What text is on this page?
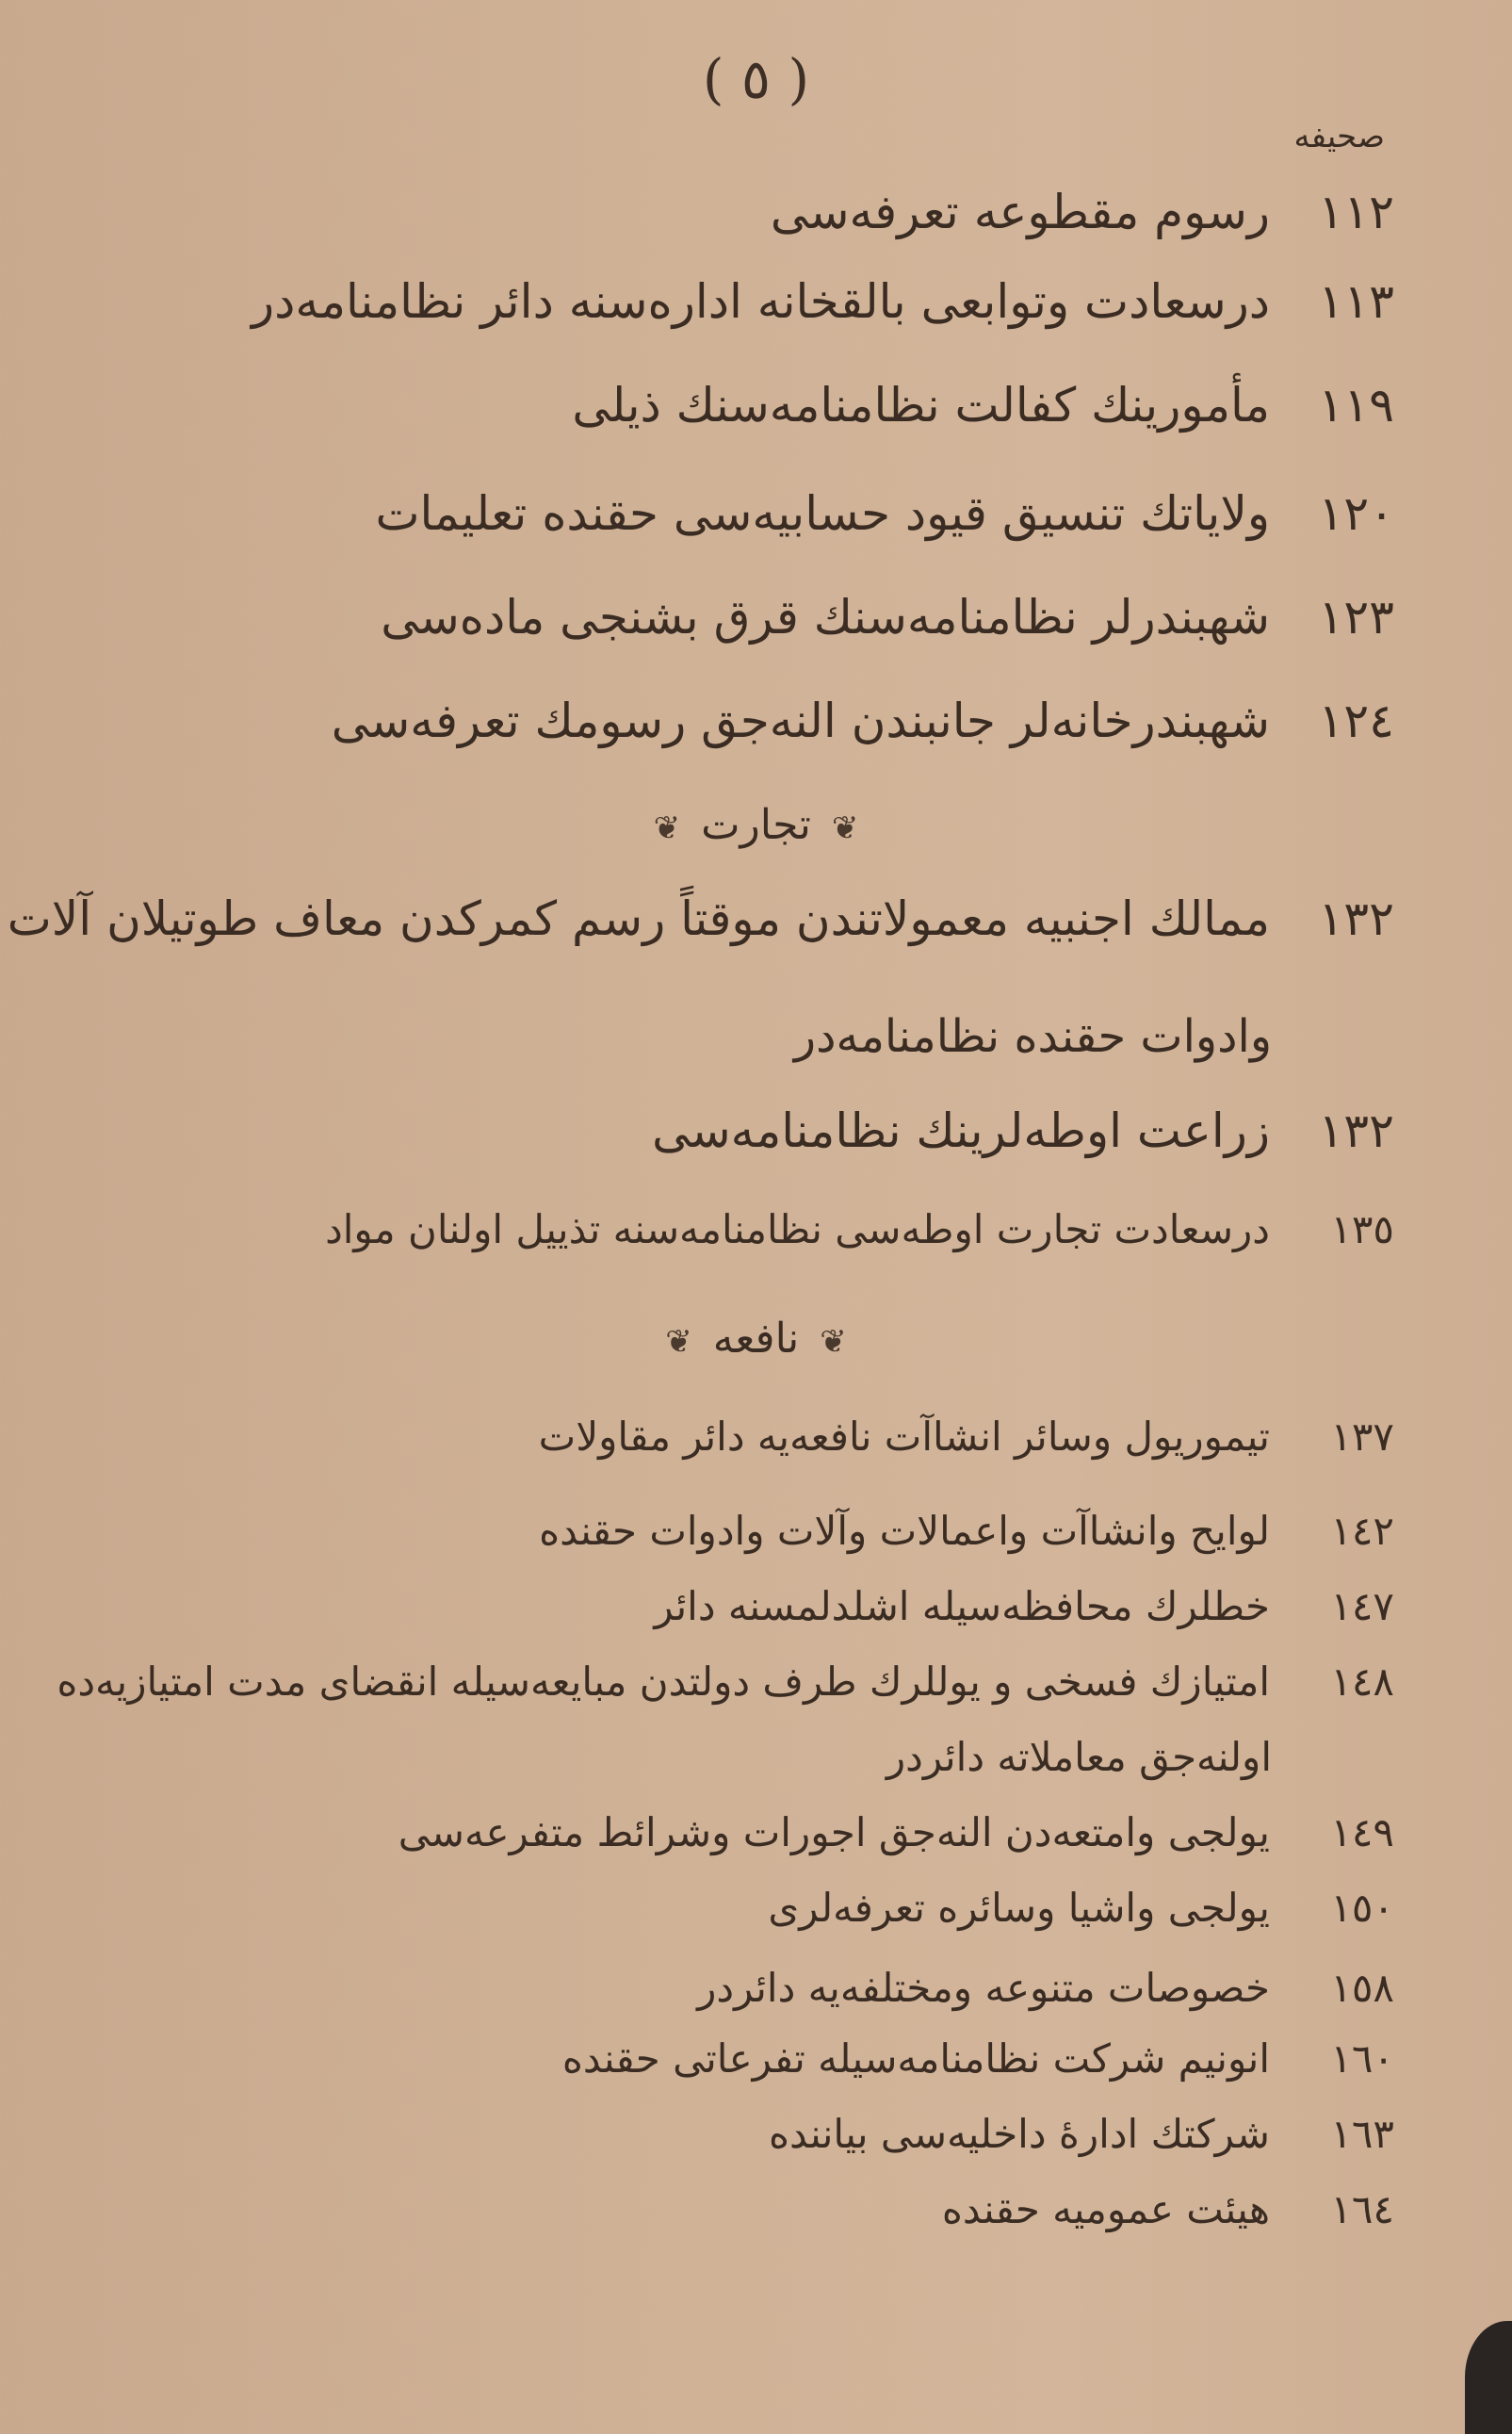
( ٥ )
صحيفه
١١٢
رسوم مقطوعه تعرفه‌سی
١١٣
درسعادت وتوابعی بالقخانه اداره‌سنه دائر نظامنامه‌در
١١٩
مأمورینك كفالت نظامنامه‌سنك ذیلی
١٢٠
ولایاتك تنسیق قیود حسابیه‌سی حقنده تعلیمات
١٢٣
شهبندرلر نظامنامه‌سنك قرق بشنجی ماده‌سی
١٢٤
شهبندرخانه‌لر جانبندن النه‌جق رسومك تعرفه‌سی
❦ تجارت ❦
١٣٢
ممالك اجنبیه معمولاتندن موقتاً رسم كمركدن معاف طوتیلان آلات
وادوات حقنده نظامنامه‌در
١٣٢
زراعت اوطه‌لرینك نظامنامه‌سی
١٣٥
درسعادت تجارت اوطه‌سی نظامنامه‌سنه تذییل اولنان مواد
❦ نافعه ❦
١٣٧
تیموریول وسائر انشاآت نافعه‌یه دائر مقاولات
١٤٢
لوایح وانشاآت واعمالات وآلات وادوات حقنده
١٤٧
خطلرك محافظه‌سیله اشلدلمسنه دائر
١٤٨
امتیازك فسخی و یوللرك طرف دولتدن مبایعه‌سیله انقضای مدت امتیازیه‌ده
اولنه‌جق معاملاته دائردر
١٤٩
یولجی وامتعه‌دن النه‌جق اجورات وشرائط متفرعه‌سی
١٥٠
یولجی واشیا وسائره تعرفه‌لری
١٥٨
خصوصات متنوعه ومختلفه‌یه دائردر
١٦٠
انونیم شركت نظامنامه‌سیله تفرعاتی حقنده
١٦٣
شركتك اداره‌ٔ داخلیه‌سی بیاننده
١٦٤
هیئت عمومیه حقنده
